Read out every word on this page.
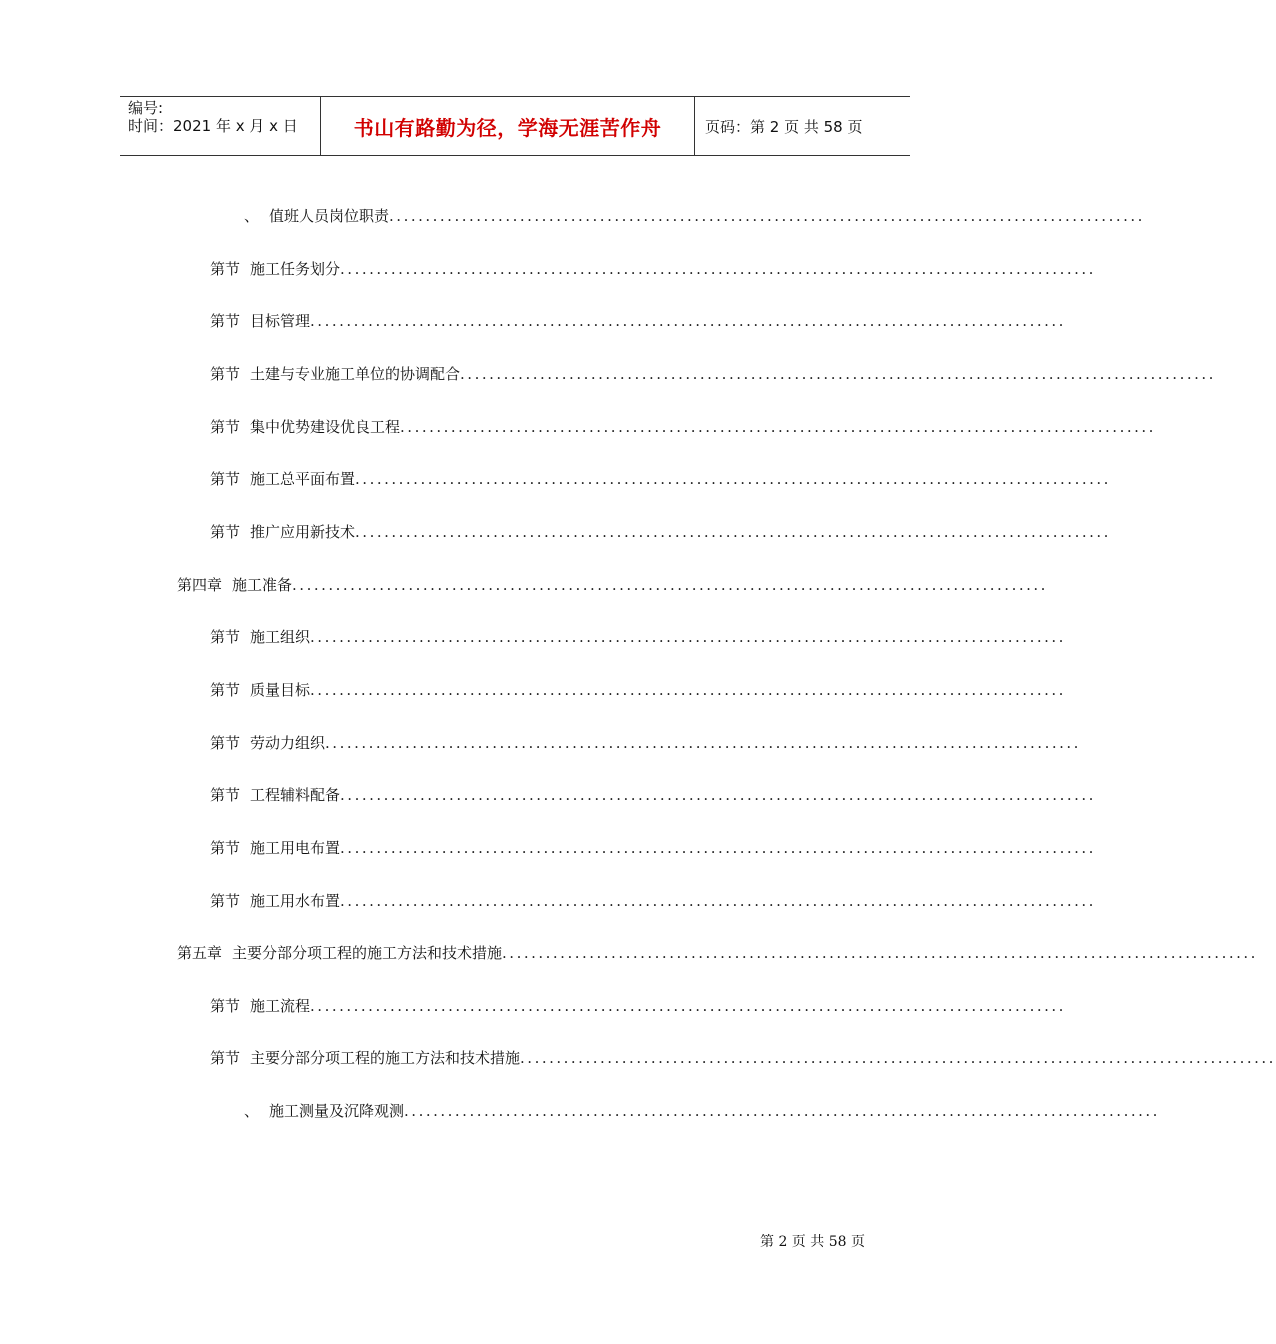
编号:
时间：2021 年 x 月 x 日	书山有路勤为径，学海无涯苦作舟	页码：第 2 页 共 58 页
、 值班人员岗位职责 ........................................................................................................
第节 施工任务划分 ........................................................................................................
第节 目标管理 ........................................................................................................
第节 土建与专业施工单位的协调配合 ........................................................................................................
第节 集中优势建设优良工程 ........................................................................................................
第节 施工总平面布置 ........................................................................................................
第节 推广应用新技术 ........................................................................................................
第四章 施工准备 ........................................................................................................
第节 施工组织 ........................................................................................................
第节 质量目标 ........................................................................................................
第节 劳动力组织 ........................................................................................................
第节 工程辅料配备 ........................................................................................................
第节 施工用电布置 ........................................................................................................
第节 施工用水布置 ........................................................................................................
第五章 主要分部分项工程的施工方法和技术措施 ........................................................................................................
第节 施工流程 ........................................................................................................
第节 主要分部分项工程的施工方法和技术措施 ........................................................................................................
、 施工测量及沉降观测 ........................................................................................................
第 2 页 共 58 页
